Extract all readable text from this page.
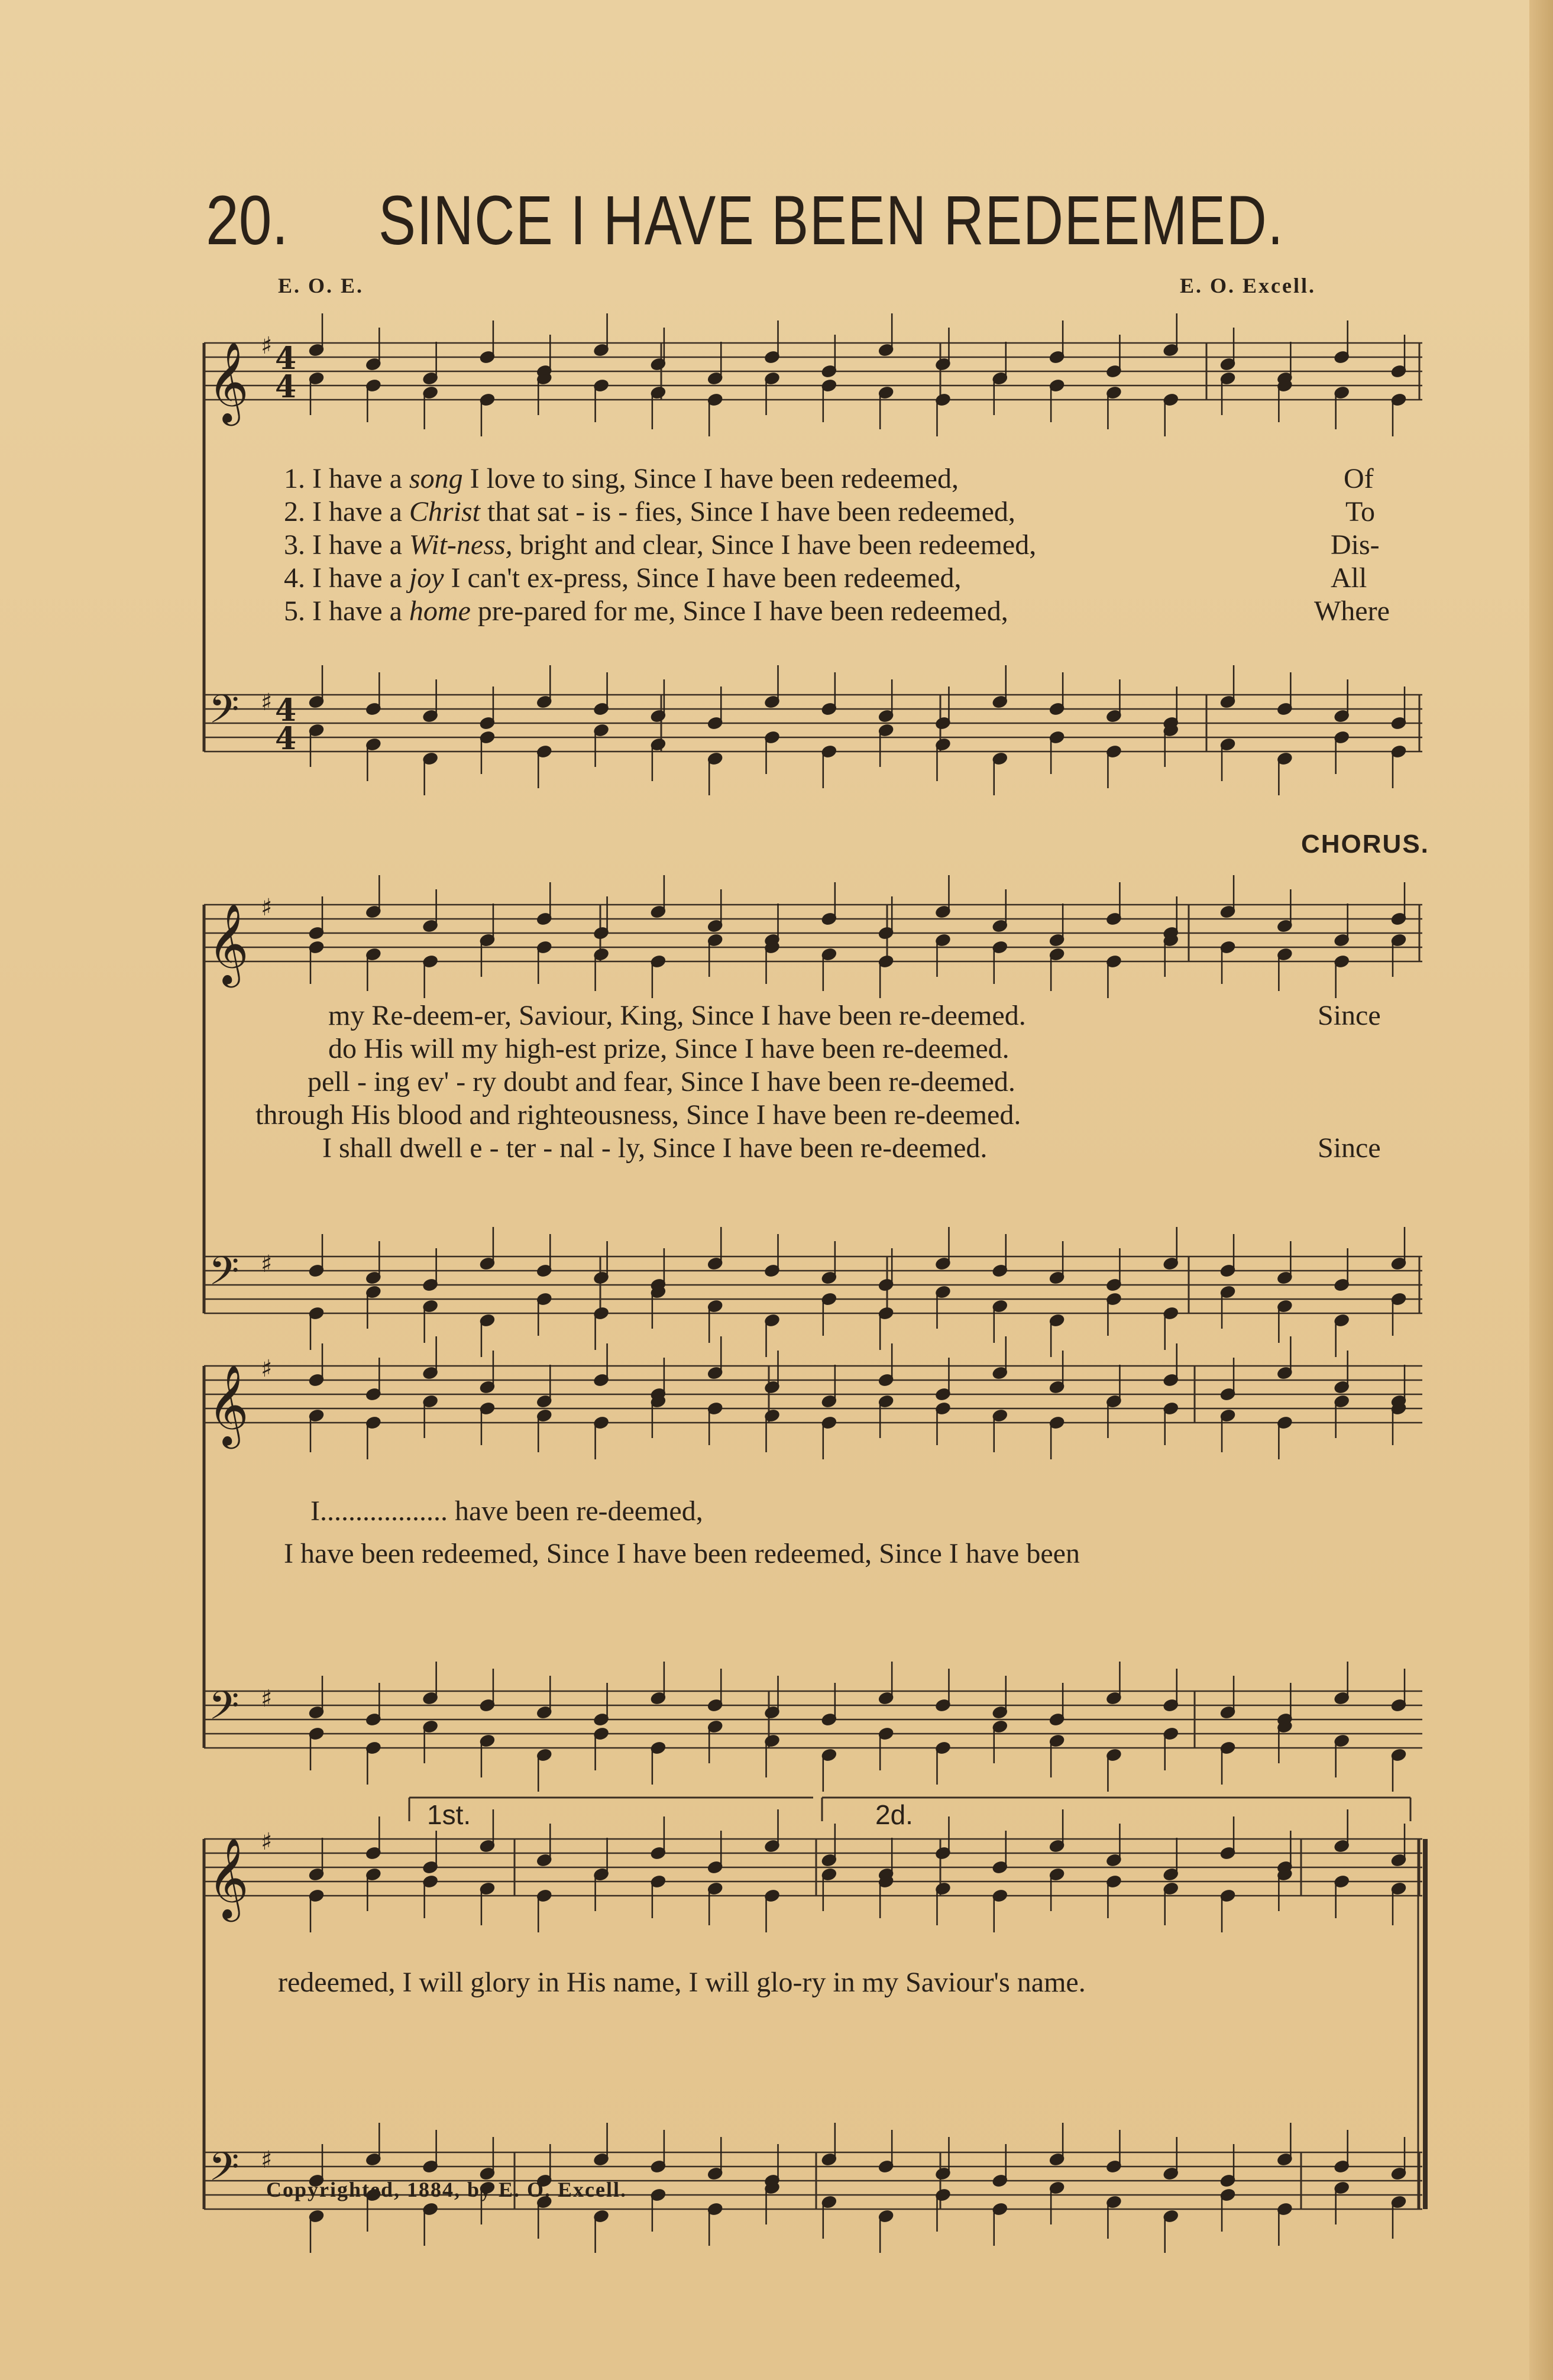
20. SINCE I HAVE BEEN REDEEMED.
E. O. E.	E. O. Excell.
𝄞
𝄢
♯
♯
4
4
4
4
𝄞
𝄢
♯
♯
𝄞
𝄢
♯
♯
𝄞
𝄢
♯
♯
1. I have a song I love to sing, Since I have been redeemed,	Of
2. I have a Christ that sat - is - fies, Since I have been redeemed,	To
3. I have a Wit-ness, bright and clear, Since I have been redeemed,	Dis-
4. I have a joy I can't ex-press, Since I have been redeemed,	All
5. I have a home pre-pared for me, Since I have been redeemed,	Where
CHORUS.
my Re-deem-er, Saviour, King, Since I have been re-deemed.	Since
do His will my high-est prize, Since I have been re-deemed.
pell - ing ev' - ry doubt and fear, Since I have been re-deemed.
through His blood and righteousness, Since I have been re-deemed.
I shall dwell e - ter - nal - ly, Since I have been re-deemed.	Since
I.................. have been re-deemed,
I have been redeemed, Since I have been redeemed, Since I have been
redeemed, I will glory in His name, I will glo-ry in my Saviour's name.
1st.	2d.
Copyrighted, 1884, by E. O. Excell.
